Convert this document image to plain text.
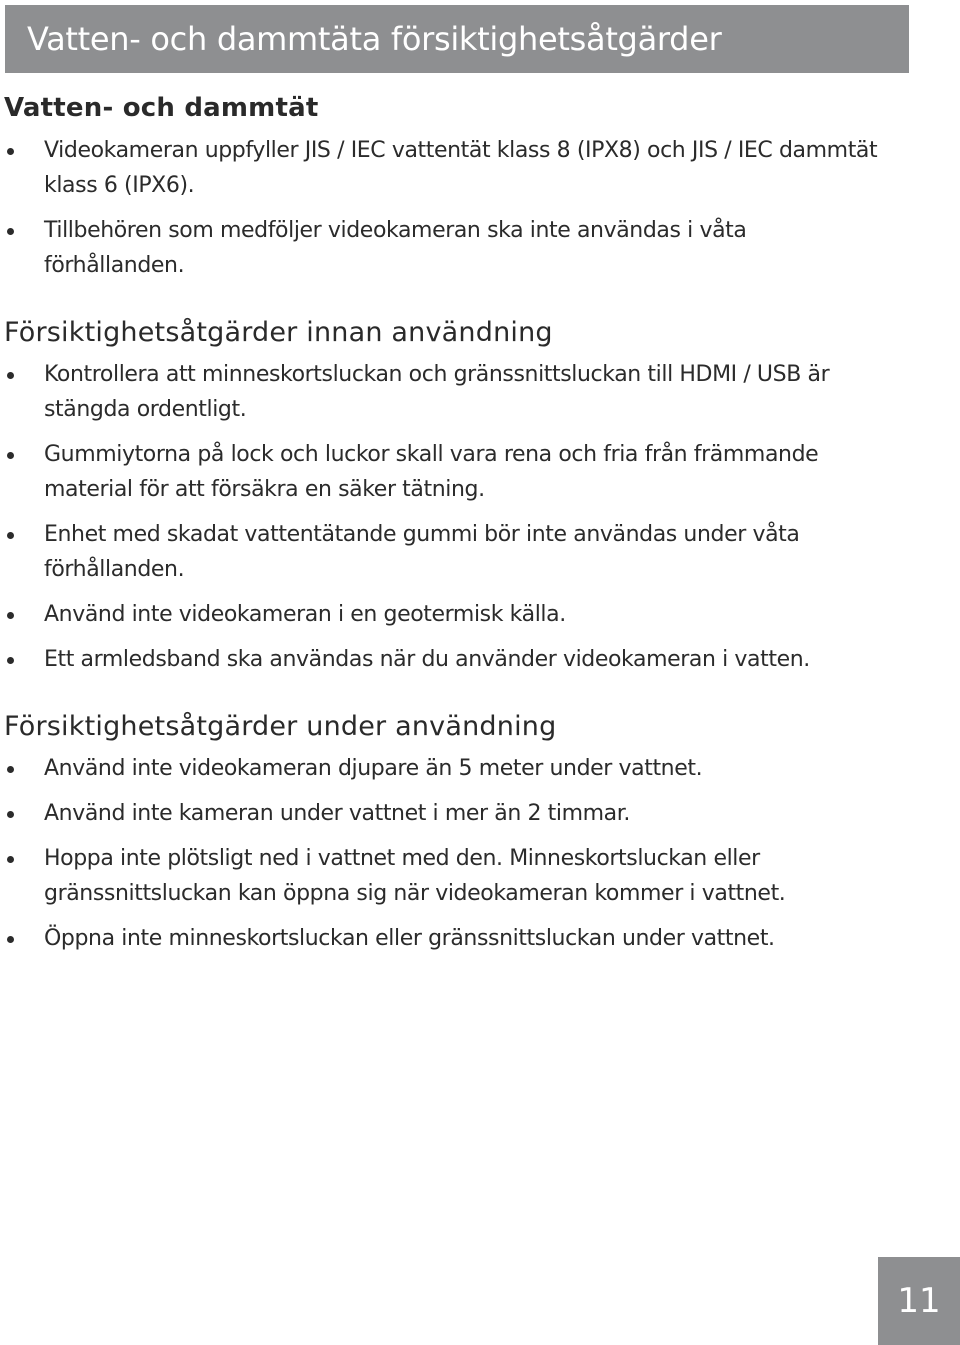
Vatten- och dammtäta försiktighetsåtgärder
Vatten- och dammtät
Videokameran uppfyller JIS / IEC vattentät klass 8 (IPX8) och JIS / IEC dammtät klass 6 (IPX6).
Tillbehören som medföljer videokameran ska inte användas i våta förhållanden.
Försiktighetsåtgärder innan användning
Kontrollera att minneskortsluckan och gränssnittsluckan till HDMI / USB är stängda ordentligt.
Gummiytorna på lock och luckor skall vara rena och fria från främmande material för att försäkra en säker tätning.
Enhet med skadat vattentätande gummi bör inte användas under våta förhållanden.
Använd inte videokameran i en geotermisk källa.
Ett armledsband ska användas när du använder videokameran i vatten.
Försiktighetsåtgärder under användning
Använd inte videokameran djupare än 5 meter under vattnet.
Använd inte kameran under vattnet i mer än 2 timmar.
Hoppa inte plötsligt ned i vattnet med den. Minneskortsluckan eller gränssnittsluckan kan öppna sig när videokameran kommer i vattnet.
Öppna inte minneskortsluckan eller gränssnittsluckan under vattnet.
11
